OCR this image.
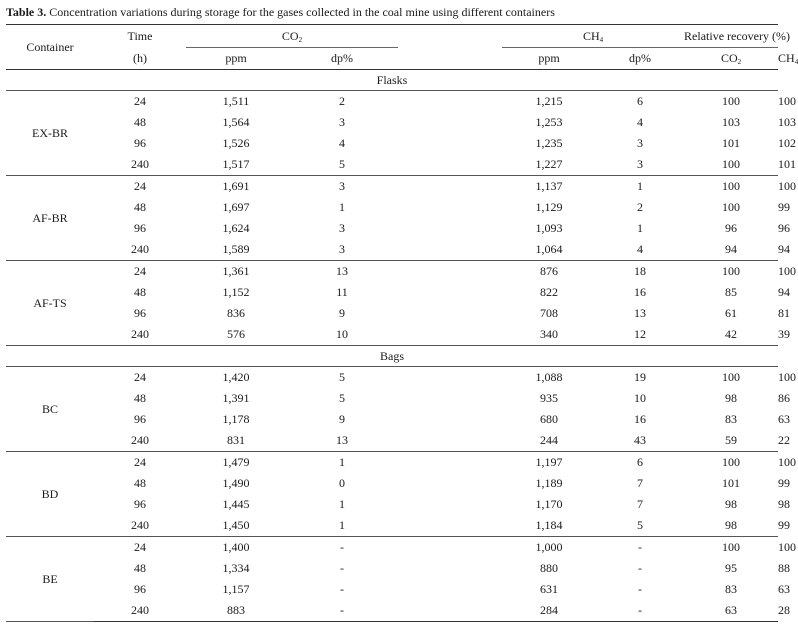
Table 3. Concentration variations during storage for the gases collected in the coal mine using different containers
Container	Time	$CO_2$			$CH_4$		Relative recovery (%)	
	(h)	ppm	dp%		ppm	dp%	$CO_2$	$CH_4$
Flasks								
EX-BR	24	1,511	2		1,215	6	100	100
	48	1,564	3		1,253	4	103	103
	96	1,526	4		1,235	3	101	102
	240	1,517	5		1,227	3	100	101
AF-BR	24	1,691	3		1,137	1	100	100
	48	1,697	1		1,129	2	100	99
	96	1,624	3		1,093	1	96	96
	240	1,589	3		1,064	4	94	94
AF-TS	24	1,361	13		876	18	100	100
	48	1,152	11		822	16	85	94
	96	836	9		708	13	61	81
	240	576	10		340	12	42	39
Bags								
BC	24	1,420	5		1,088	19	100	100
	48	1,391	5		935	10	98	86
	96	1,178	9		680	16	83	63
	240	831	13		244	43	59	22
BD	24	1,479	1		1,197	6	100	100
	48	1,490	0		1,189	7	101	99
	96	1,445	1		1,170	7	98	98
	240	1,450	1		1,184	5	98	99
BE	24	1,400	-		1,000	-	100	100
	48	1,334	-		880	-	95	88
	96	1,157	-		631	-	83	63
	240	883	-		284	-	63	28
